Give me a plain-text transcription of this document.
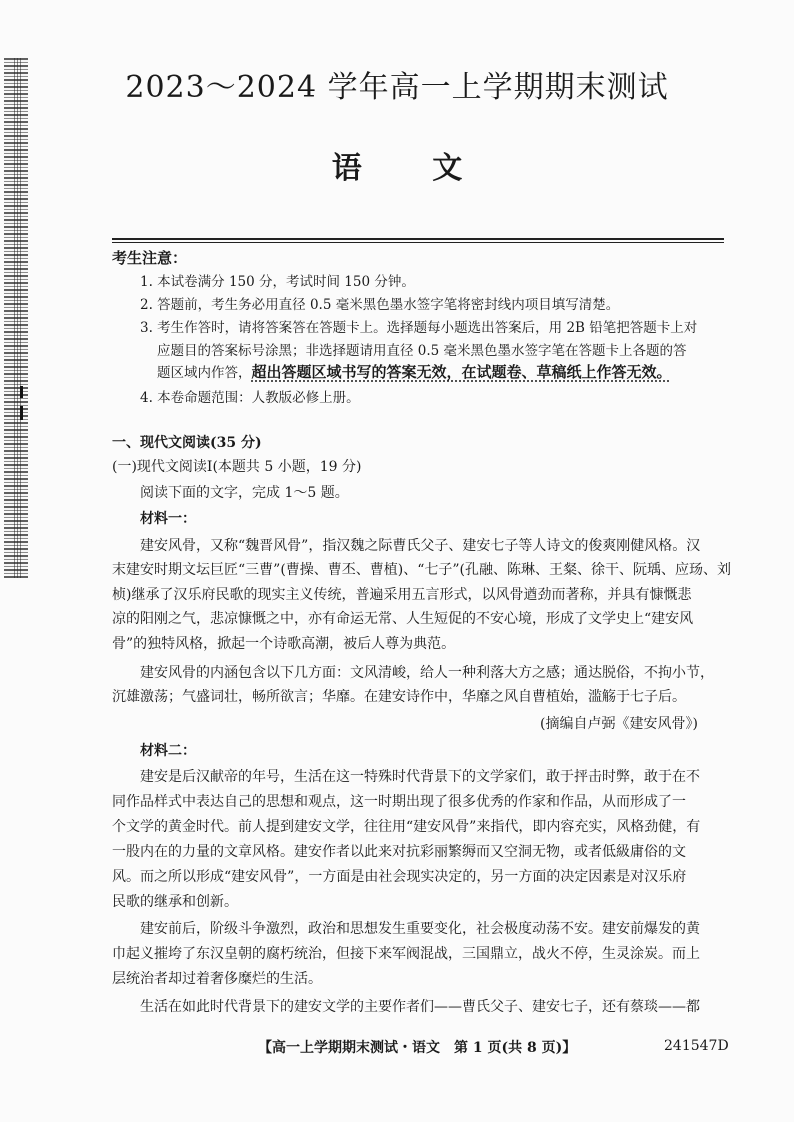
2023～2024 学年高一上学期期末测试
语 文
考生注意：
1. 本试卷满分 150 分，考试时间 150 分钟。
2. 答题前，考生务必用直径 0.5 毫米黑色墨水签字笔将密封线内项目填写清楚。
3. 考生作答时，请将答案答在答题卡上。选择题每小题选出答案后，用 2B 铅笔把答题卡上对
应题目的答案标号涂黑；非选择题请用直径 0.5 毫米黑色墨水签字笔在答题卡上各题的答
题区域内作答，超出答题区域书写的答案无效，在试题卷、草稿纸上作答无效。
4. 本卷命题范围：人教版必修上册。
一、现代文阅读(35 分)
(一)现代文阅读Ⅰ(本题共 5 小题，19 分)
阅读下面的文字，完成 1～5 题。
材料一：
建安风骨，又称“魏晋风骨”，指汉魏之际曹氏父子、建安七子等人诗文的俊爽刚健风格。汉
末建安时期文坛巨匠“三曹”(曹操、曹丕、曹植)、“七子”(孔融、陈琳、王粲、徐干、阮瑀、应玚、刘
桢)继承了汉乐府民歌的现实主义传统，普遍采用五言形式，以风骨遒劲而著称，并具有慷慨悲
凉的阳刚之气，悲凉慷慨之中，亦有命运无常、人生短促的不安心境，形成了文学史上“建安风
骨”的独特风格，掀起一个诗歌高潮，被后人尊为典范。
建安风骨的内涵包含以下几方面：文风清峻，给人一种利落大方之感；通达脱俗，不拘小节，
沉雄激荡；气盛词壮，畅所欲言；华靡。在建安诗作中，华靡之风自曹植始，滥觞于七子后。
(摘编自卢弼《建安风骨》)
材料二：
建安是后汉献帝的年号，生活在这一特殊时代背景下的文学家们，敢于抨击时弊，敢于在不
同作品样式中表达自己的思想和观点，这一时期出现了很多优秀的作家和作品，从而形成了一
个文学的黄金时代。前人提到建安文学，往往用“建安风骨”来指代，即内容充实，风格劲健，有
一股内在的力量的文章风格。建安作者以此来对抗彩丽繁缛而又空洞无物，或者低級庸俗的文
风。而之所以形成“建安风骨”，一方面是由社会现实决定的，另一方面的决定因素是对汉乐府
民歌的继承和创新。
建安前后，阶级斗争激烈，政治和思想发生重要变化，社会极度动荡不安。建安前爆发的黄
巾起义摧垮了东汉皇朝的腐朽统治，但接下来军阀混战，三国鼎立，战火不停，生灵涂炭。而上
层统治者却过着奢侈糜烂的生活。
生活在如此时代背景下的建安文学的主要作者们——曹氏父子、建安七子，还有蔡琰——都
【高一上学期期末测试・语文　第 1 页(共 8 页)】	241547D
